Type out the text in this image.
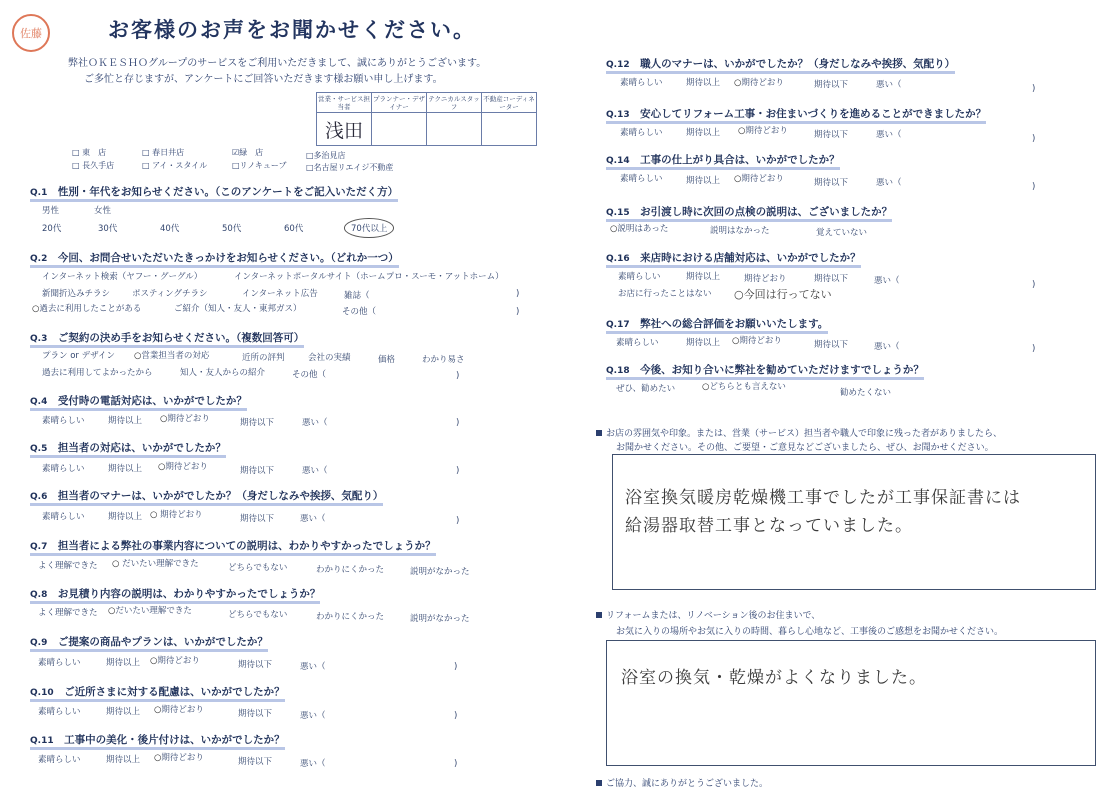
佐藤	お客様のお声をお聞かせください。
弊社ＯＫＥＳＨＯグループのサービスをご利用いただきまして、誠にありがとうございます。
ご多忙と存じますが、アンケートにご回答いただきます様お願い申し上げます。
営業・サービス担当者	プランナー・デザイナー	テクニカルスタッフ	不動産コーディネーター
浅田			
□ 東　店
□ 長久手店
□ 春日井店
□ アイ・スタイル
☑緑　店
□リノキューブ
□多治見店
□名古屋リエイジ不動産
Q.1　 性別・年代をお知らせください。（このアンケートをご記入いただく方）
男性	女性
20代	30代	40代	50代	60代	70代以上
Q.2　 今回、お問合せいただいたきっかけをお知らせください。（どれか一つ）
インターネット検索（ヤフー・グーグル）	インターネットポータルサイト（ホームプロ・スーモ・アットホーム）
新聞折込みチラシ	ポスティングチラシ	インターネット広告	雑誌（	)
○過去に利用したことがある	ご紹介（知人・友人・東邦ガス）	その他（	)
Q.3　 ご契約の決め手をお知らせください。（複数回答可）
プラン or デザイン ○営業担当者の対応	近所の評判	会社の実績	価格	わかり易さ
過去に利用してよかったから	知人・友人からの紹介	その他（	)
Q.4　 受付時の電話対応は、いかがでしたか？
素晴らしい	期待以上 ○期待どおり	期待以下	悪い（	)
Q.5　 担当者の対応は、いかがでしたか？
素晴らしい	期待以上 ○期待どおり	期待以下	悪い（	)
Q.6　 担当者のマナーは、いかがでしたか？（身だしなみや挨拶、気配り）
素晴らしい	期待以上 ○ 期待どおり	期待以下	悪い（	)
Q.7　 担当者による弊社の事業内容についての説明は、わかりやすかったでしょうか？
よく理解できた ○ だいたい理解できた	どちらでもない	わかりにくかった	説明がなかった
Q.8　 お見積り内容の説明は、わかりやすかったでしょうか？
よく理解できた ○だいたい理解できた	どちらでもない	わかりにくかった	説明がなかった
Q.9　 ご提案の商品やプランは、いかがでしたか？
素晴らしい	期待以上 ○期待どおり	期待以下	悪い（	)
Q.10　 ご近所さまに対する配慮は、いかがでしたか？
素晴らしい	期待以上 ○期待どおり	期待以下	悪い（	)
Q.11　 工事中の美化・後片付けは、いかがでしたか？
素晴らしい	期待以上 ○期待どおり	期待以下	悪い（	)
Q.12　 職人のマナーは、いかがでしたか？（身だしなみや挨拶、気配り）
素晴らしい	期待以上 ○期待どおり	期待以下	悪い（	)
Q.13　 安心してリフォーム工事・お住まいづくりを進めることができましたか？
素晴らしい	期待以上 ○期待どおり	期待以下	悪い（	)
Q.14　 工事の仕上がり具合は、いかがでしたか？
素晴らしい	期待以上 ○期待どおり	期待以下	悪い（	)
Q.15　 お引渡し時に次回の点検の説明は、ございましたか？
○説明はあった	説明はなかった	覚えていない
Q.16　 来店時における店舗対応は、いかがでしたか？
素晴らしい	期待以上	期待どおり	期待以下	悪い（	)
お店に行ったことはない ○今回は行ってない
Q.17　 弊社への総合評価をお願いいたします。
素晴らしい	期待以上 ○期待どおり	期待以下	悪い（	)
Q.18　 今後、お知り合いに弊社を勧めていただけますでしょうか？
ぜひ、勧めたい	○どちらとも言えない
勧めたくない
お店の雰囲気や印象。または、営業（サービス）担当者や職人で印象に残った者がありましたら、
お聞かせください。その他、ご要望・ご意見などございましたら、ぜひ、お聞かせください。
浴室換気暖房乾燥機工事でしたが工事保証書には
給湯器取替工事となっていました。
リフォームまたは、リノベーション後のお住まいで、
お気に入りの場所やお気に入りの時間、暮らし心地など、工事後のご感想をお聞かせください。
浴室の換気・乾燥がよくなりました。
ご協力、誠にありがとうございました。
